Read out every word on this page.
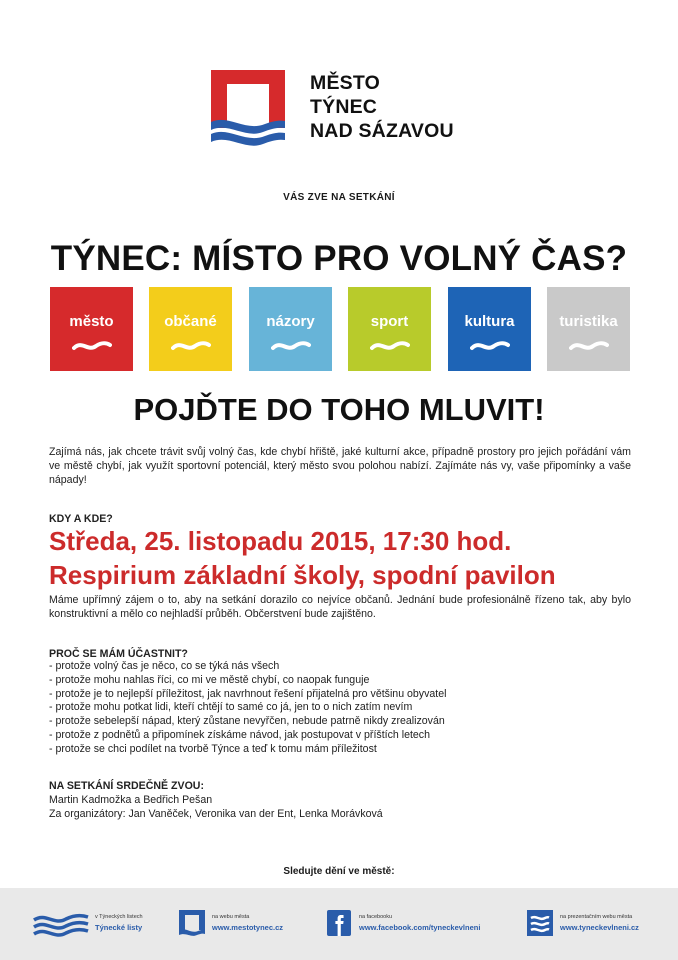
MĚSTO
TÝNEC
NAD SÁZAVOU
VÁS ZVE NA SETKÁNÍ
TÝNEC: MÍSTO PRO VOLNÝ ČAS?
město	občané	názory	sport	kultura	turistika
POJĎTE DO TOHO MLUVIT!
Zajímá nás, jak chcete trávit svůj volný čas, kde chybí hřiště, jaké kulturní akce, případně prostory pro jejich pořádání vám ve městě chybí, jak využít sportovní potenciál, který město svou polohou nabízí. Zajímáte nás vy, vaše připomínky a vaše nápady!
KDY A KDE?
Středa, 25. listopadu 2015, 17:30 hod.
Respirium základní školy, spodní pavilon
Máme upřímný zájem o to, aby na setkání dorazilo co nejvíce občanů. Jednání bude profesionálně řízeno tak, aby bylo konstruktivní a mělo co nejhladší průběh. Občerstvení bude zajištěno.
PROČ SE MÁM ÚČASTNIT?
- protože volný čas je něco, co se týká nás všech
- protože mohu nahlas říci, co mi ve městě chybí, co naopak funguje
- protože je to nejlepší příležitost, jak navrhnout řešení přijatelná pro většinu obyvatel
- protože mohu potkat lidi, kteří chtějí to samé co já, jen to o nich zatím nevím
- protože sebelepší nápad, který zůstane nevyřčen, nebude patrně nikdy zrealizován
- protože z podnětů a připomínek získáme návod, jak postupovat v příštích letech
- protože se chci podílet na tvorbě Týnce a teď k tomu mám příležitost
NA SETKÁNÍ SRDEČNĚ ZVOU:
Martin Kadmožka a Bedřich Pešan
Za organizátory: Jan Vaněček, Veronika van der Ent, Lenka Morávková
Sledujte dění ve městě:
v Týneckých listech
Týnecké listy
na webu města
www.mestotynec.cz
na facebooku
www.facebook.com/tyneckevlneni
na prezentačním webu města
www.tyneckevlneni.cz
